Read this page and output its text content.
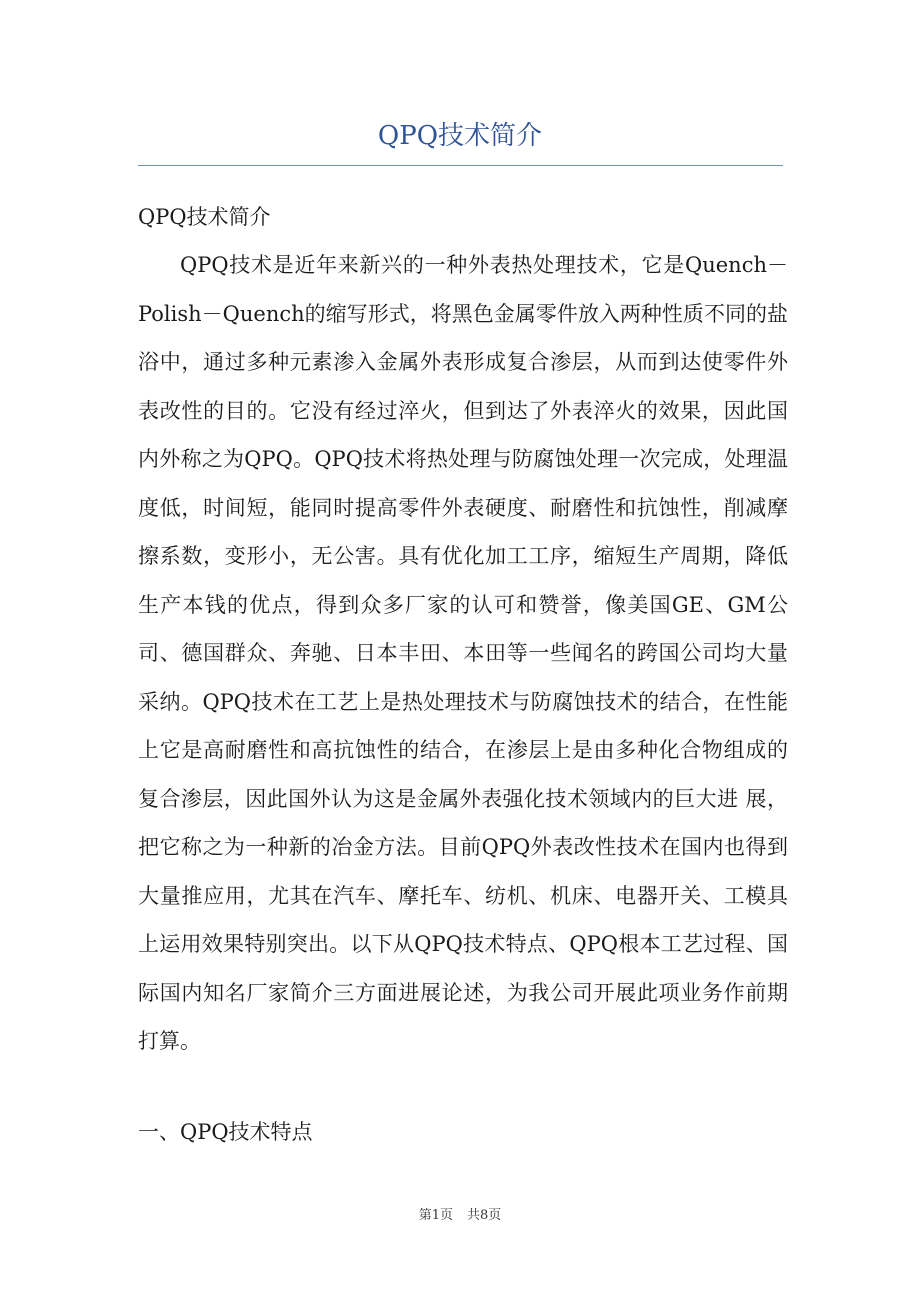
QPQ技术简介
QPQ技术简介

QPQ技术是近年来新兴的一种外表热处理技术，它是Quench－Polish－Quench的缩写形式，将黑色金属零件放入两种性质不同的盐浴中，通过多种元素渗入金属外表形成复合渗层，从而到达使零件外表改性的目的。它没有经过淬火，但到达了外表淬火的效果，因此国内外称之为QPQ。QPQ技术将热处理与防腐蚀处理一次完成，处理温度低，时间短，能同时提高零件外表硬度、耐磨性和抗蚀性，削减摩擦系数，变形小，无公害。具有优化加工工序，缩短生产周期，降低生产本钱的优点，得到众多厂家的认可和赞誉，像美国GE、GM公司、德国群众、奔驰、日本丰田、本田等一些闻名的跨国公司均大量采纳。QPQ技术在工艺上是热处理技术与防腐蚀技术的结合，在性能上它是高耐磨性和高抗蚀性的结合，在渗层上是由多种化合物组成的复合渗层，因此国外认为这是金属外表强化技术领域内的巨大进 展，把它称之为一种新的冶金方法。目前QPQ外表改性技术在国内也得到大量推应用，尤其在汽车、摩托车、纺机、机床、电器开关、工模具上运用效果特别突出。以下从QPQ技术特点、QPQ根本工艺过程、国际国内知名厂家简介三方面进展论述，为我公司开展此项业务作前期打算。

一、QPQ技术特点
第1页 共8页
